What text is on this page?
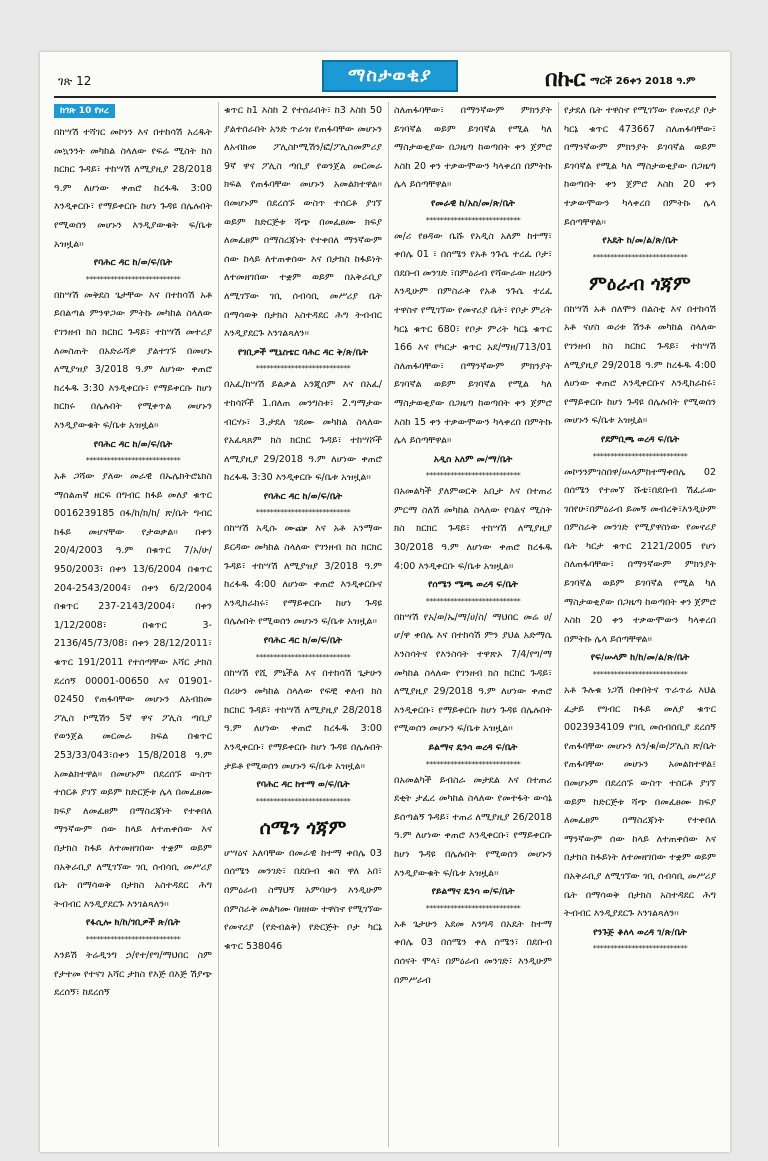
ገጽ 12	ማስታወቂያ	በኩር ማርች 26ቀን 2018 ዓ.ም
ከገጽ 10 የዞረ

በከሣሽ ተሻገር መኮነን እና በተከሳሽ አረዱት መኳንንት መካከል ስላለው የፍሬ ሚስት ክስ ክርክር ጉዳይ፣ ተከሣሽ ለሚያዚያ 28/2018 ዓ.ም ለሆነው ቀጠሮ ከረፋዱ 3:00 እንዲቀርቡ፣ የማይቀርቡ ከሆነ ጉዳዩ በሌሉበት የሚወሰን መሆኑን እንዲያውቁት ፍ/ቤቱ አዝዟል፡፡

የባሕር ዳር ከ/ወ/ፍ/ቤት

***************************

በከሣሽ መቅደስ ጌታቸው እና በተከሳሽ አቶ ይበልጣል ምንዋጋው ምትኩ መካከል ስላለው የገንዘብ ክስ ክርክር ጉዳይ፣ ተከሣሽ መተሪያ ለመስጠት በአድራሻዎ ያልተገኙ በመሆኑ ለሚያዝያ 3/2018 ዓ.ም ለሆነው ቀጠሮ ከረፋዱ 3:30 እንዲቀርቡ፣ የማይቀርቡ ከሆነ ክርክሩ በሌሉበት የሚቀጥል መሆኑን እንዲያውቁት ፍ/ቤቱ አዝዟል፡፡

የባሕር ዳር ከ/ወ/ፍ/ቤት

***************************

አቶ ጋሻው ያለው መራዊ በኤሌክትሮኒክስ ማሰልጠኛ ዘርፍ በግብር ከፋይ መለያ ቁጥር 0016239185 በፋ/ከ/ክ/ከ/ ጽ/ቤት ግብር ከፋይ መሆናቸው የታወቃል፡፡ በቀን 20/4/2003 ዓ.ም በቁጥር 7/አ/ሁ/ 950/2003፣ በቀን 13/6/2004 በቁጥር 204-2543/2004፣ በቀን 6/2/2004 በቁጥር 237-2143/2004፣ በቀን 1/12/2008፣ በቁጥር 3-2136/45/73/08፣ በቀን 28/12/2011፣ ቁጥር 191/2011 የተሰጣቸው አሻር ታክስ ደረሰኝ 00001-00650 እና 01901-02450 የጠፋባቸው መሆኑን ለአብክመ ፖሊስ ኮሚሽን 5ኛ ዋና ፖሊስ ጣቢያ የወንጀል መርመራ ክፍል በቁጥር 253/33/043፣በቀን 15/8/2018 ዓ.ም አመልክተዋል፡፡ በመሆኑም በደረሰኙ ውስጥ ተሰርቶ ያገኘ ወይም ከድርጅቱ ሌላ በመፈፀሙ ክፍያ ለመፈፀም በማስረጃነት የተቀበለ ማንኛውም ሰው ከላይ ለተጠቀሰው እና በታክስ ከፋይ ለተመዘገበው ተቋም ወይም በአቅራቢያ ለሚገኘው ገቢ ሰብሳቢ መሥሪያ ቤት በማሳወቅ በታክስ አስተዳደር ሕግ ትብብር እንዲያደርጉ እንገልጻለን፡፡

የፋሲሎ ክ/ከ/ገቢዎች ጽ/ቤት

***************************

እንይሽ ትሬዲንግ ኃ/የተ/የግ/ማህበር ስም የታተመ የተናገ አሻር ታክስ የእጅ በእጅ ሽያጭ ደረሰኝ፣ ከደረሰኝ

ቁጥር ከ1 እስከ 2 የተሰራበት፣ ከ3 እስከ 50 ያልተሰራበት አንድ ጥራዝ የጠፋባቸው መሆኑን ለአብክመ ፖሊስኮሚሽን/ፎ/ፖሊስመምሪያ 9ኛ ዋና ፖሊስ ጣቢያ የወንጀል መርመራ ክፍል የጠፋባቸው መሆኑን አመልክተዋል፡፡ በመሆኑም በደረሰኙ ውስጥ ተሰርቶ ያገኘ ወይም ከድርጅቱ ሻጭ በመፈፀሙ ክፍያ ለመፈፀም በማስረጃነት የተቀበለ ማንኛውም ሰው ከላይ ለተጠቀሰው እና በታክስ ከፋይነት ለተመዘገበው ተቋም ወይም በአቅራቢያ ለሚገኘው ገቢ ሰብሳቢ መሥሪያ ቤት በማሳወቅ በታክስ አስተዳደር ሕግ ትብብር እንዲያደርጉ እንገልጻለን፡፡

የገቢዎች ሚኒስቴር ባሕር ዳር ቅ/ጽ/ቤት

***************************

በአፈ/ከሣሽ ይልቃል አንጂሰም እና በአፈ/ተከሳሾች 1.በለጠ መንግስቱ፣ 2.ግማታው ብርሃኑ፣ 3.ታደለ ገደሙ መካከል ስላለው የአፈጻጸም ክስ ክርክር ጉዳይ፣ ተከሣሾች ለሚያዚያ 29/2018 ዓ.ም ለሆነው ቀጠሮ ከረፋዱ 3:30 እንዲቀርቡ ፍ/ቤቱ አዝዟል፡፡

የባሕር ዳር ከ/ወ/ፍ/ቤት

***************************

በከሣሽ አዲሱ ሙጬ እና አቶ አንማው ይርዳው መካከል ስላለው የገንዘብ ክስ ክርክር ጉዳይ፣ ተከሣሽ ለሚያዝያ 3/2018 ዓ.ም ከረፋዱ 4:00 ለሆነው ቀጠሮ እንዲቀርቡና እንዲከራከሩ፣ የማይቀርቡ ከሆነ ጉዳዩ በሌሉበት የሚወሰን መሆኑን ፍ/ቤቱ አዝዟል፡፡

የባሕር ዳር ከ/ወ/ፍ/ቤት

***************************

በከሣሽ የሺ ምኒችል እና በተከሳሽ ጌታሁን በሪሁን መካከል ስላለው የፍቺ ቀለብ ክስ ክርክር ጉዳይ፣ ተከሣሽ ለሚያዚያ 28/2018 ዓ.ም ለሆነው ቀጠሮ ከረፋዱ 3:00 እንዲቀርቡ፣ የማይቀርቡ ከሆነ ጉዳዩ በሌሉበት ታይቶ የሚወሰን መሆኑን ፍ/ቤቱ አዝዟል፡፡

የባሕር ዳር ከተማ ወ/ፍ/ቤት

***************************
ሰሜን ጎጃም

ሆሣዕና አለባቸው በመራዊ ከተማ ቀበሌ 03 በሰሜን መንገድ፣ በደቡብ ቁስ ዋለ አበ፣ በምዕራብ ስማህኝ አምባሁን እንዲሁም በምስራቅ መልካሙ ባዘዘው ተዋስኖ የሚገኘው የመኖሪያ (የድብልቅ) የድርጅት ቦታ ካርኔ ቁጥር 538046

ስለጠፋባቸው፣ በማንኛውም ምክንያት ይገባኛል ወይም ይገባኛል የሚል ካለ ማስታወቂያው በጋዜጣ ከወጣበት ቀን ጀምሮ እስከ 20 ቀን ተቃውሞውን ካላቀረበ በምትኩ ሌላ ይሰጣቸዋል፡፡

የመራዊ ከ/አስ/መ/ጽ/ቤት

***************************

መ/ሪ የፀዳው ቤሹ የአዲስ አለም ከተማ፣ ቀበሌ 01 ፣ በሰሜን የአቶ ንጉሴ ተረፈ ቦታ፣ በደቡብ መንገድ ፣በምዕራብ የሻውራው ዘሪሁን እንዲሁም በምስራቅ የአቶ ንጉሴ ተረፈ ተዋስኖ የሚገኘው የመኖሪያ ቤት፣ የቦታ ምሪት ካርኔ ቁጥር 680፣ የቦታ ምሪት ካርኔ ቁጥር 166 እና የካርታ ቁጥር አደ/ማዘ/713/01 ስለጠፋባቸው፣ በማንኛውም ምክንያት ይገባኛል ወይም ይገባኛል የሚል ካለ ማስታወቂያው በጋዜጣ ከወጣበት ቀን ጀምሮ እስከ 15 ቀን ተቃውሞውን ካላቀረበ በምትኩ ሌላ ይሰጣቸዋል፡፡

አዲስ አለም መ/ማ/ቤት

***************************

በአመልካች ያለምወርቅ አቢታ እና በተጠሪ ምርማ ስለሽ መካከል ስላለው የባልና ሚስት ክስ ክርክር ጉዳይ፣ ተከሣሽ ለሚያዚያ 30/2018 ዓ.ም ለሆነው ቀጠሮ ከረፋዱ 4:00 እንዲቀርቡ ፍ/ቤቱ አዝዟል፡፡

የሰሜን ሜጫ ወረዳ ፍ/ቤት

***************************

በከሣሽ የአ/ወ/ኤ/ማ/ሀ/ስ/ ማህበር መሬ ሀ/ሆ/ዋ ቀበሌ እና በተከሳሽ ምን ያህል አድማሴ እንስሳትና የእንስሳት ተዋጽኦ 7/4/የግ/ማ መካከል ስላለው የገንዘብ ክስ ክርክር ጉዳይ፣ ለሚያዚያ 29/2018 ዓ.ም ለሆነው ቀጠሮ እንዲቀርቡ፣ የማይቀርቡ ከሆነ ጉዳዩ በሌሉበት የሚወሰን መሆኑን ፍ/ቤቱ አዝዟል፡፡

ይልማና ዴንሳ ወረዳ ፍ/ቤት

***************************

በአመልካች ይብስራ መታደል እና በተጠሪ ደቂት ታፈረ መካከል ስላለው የመተፋት ውሳኔ ይሰጣልኝ ጉዳይ፣ ተጠሪ ለሚያዚያ 26/2018 ዓ.ም ለሆነው ቀጠሮ እንዲቀርቡ፣ የማይቀርቡ ከሆነ ጉዳዩ በሌሉበት የሚወሰን መሆኑን እንዲያውቁት ፍ/ቤቱ አዝዟል፡፡

የይልማና ዴንሳ ወ/ፍ/ቤት

***************************

አቶ ጌታሁን አደመ እንግዳ በአዴት ከተማ ቀበሌ 03 በሰሜን ቀለ ሰሜን፣ በደቡብ ሰሰናት ሞላ፣ በምዕራብ መንገድ፣ እንዲሁም በምሥራብ

የታደለ ቤት ተዋስኖ የሚገኘው የመኖሪያ ቦታ ካርኔ ቁጥር 473667 ስለጠፋባቸው፣ በማንኛውም ምክንያት ይገባኛል ወይም ይገባኛል የሚል ካለ ማስታወቂያው በጋዜጣ ከወጣበት ቀን ጀምሮ እስከ 20 ቀን ተቃውሞውን ካላቀረበ በምትኩ ሌላ ይሰጣቸዋል፡፡

የአዴት ከ/መ/ል/ጽ/ቤት

***************************
ምዕራብ ጎጃም

በከሣሽ አቶ ሰለሞን በልስቲ እና በተከሳሽ አቶ ናሆስ ወሪቱ ሽንቶ መካከል ስላለው የገንዘብ ክስ ክርክር ጉዳይ፣ ተከሣሽ ለሚያዚያ 29/2018 ዓ.ም ከረፋዱ 4:00 ለሆነው ቀጠሮ እንዲቀርቡና እንዲከራከሩ፣ የማይቀርቡ ከሆነ ጉዳዩ በሌሉበት የሚወሰን መሆኑን ፍ/ቤቱ አዝዟል፡፡

የደምቢጫ ወረዳ ፍ/ቤት

***************************

መኮንንምገስበዋ/ሡላምከተማቀበሌ 02 በሰሜን የተመኘ ሹቴ፣በደቡብ ሽፈራው ገበየሁ፣በምዕራብ ይመኝ መብረቅ፣እንዲሁም በምስራቅ መንገድ የሚያዋስነው የመኖሪያ ቤት ካርታ ቁጥር 2121/2005 የሆነ ስለጠፋባቸው፣ በማንኛውም ምክንያት ይገባኛል ወይም ይገባኛል የሚል ካለ ማስታወቂያው በጋዜጣ ከወጣበት ቀን ጀምሮ እስከ 20 ቀን ተቃውሞውን ካላቀረበ በምትኩ ሌላ ይሰጣቸዋል፡፡

የፍ/ሡላም ከ/ከ/መ/ል/ጽ/ቤት

***************************

አቶ ጉሉቁ ነጋሽ በቀበትና ጥራጥሬ እህል ፈታይ የግብር ከፋይ መለያ ቁጥር 0023934109 የገቢ መሰብሰቢያ ደረሰኝ የጠፋባቸው መሆኑን ለን/ቁ/ወ/ፖሊስ ጽ/ቤት የጠፋባቸው መሆኑን አመልክተዋል፤ በመሆኑም በደረሰኙ ውስጥ ተሰርቶ ያገኘ ወይም ከድርጅቱ ሻጭ በመፈፀሙ ክፍያ ለመፈፀም በማስረጃነት የተቀበለ ማንኛውም ሰው ከላይ ለተጠቀሰው እና በታክስ ከፋይነት ለተመዘገበው ተቋም ወይም በአቅራቢያ ለሚገኘው ገቢ ሰብሳቢ መሥሪያ ቤት በማሳወቅ በታክስ አስተዳደር ሕግ ትብብር እንዲያደርጉ እንገልጻለን፡፡

የንጉጅ ቆለላ ወረዳ ገ/ጽ/ቤት

***************************
